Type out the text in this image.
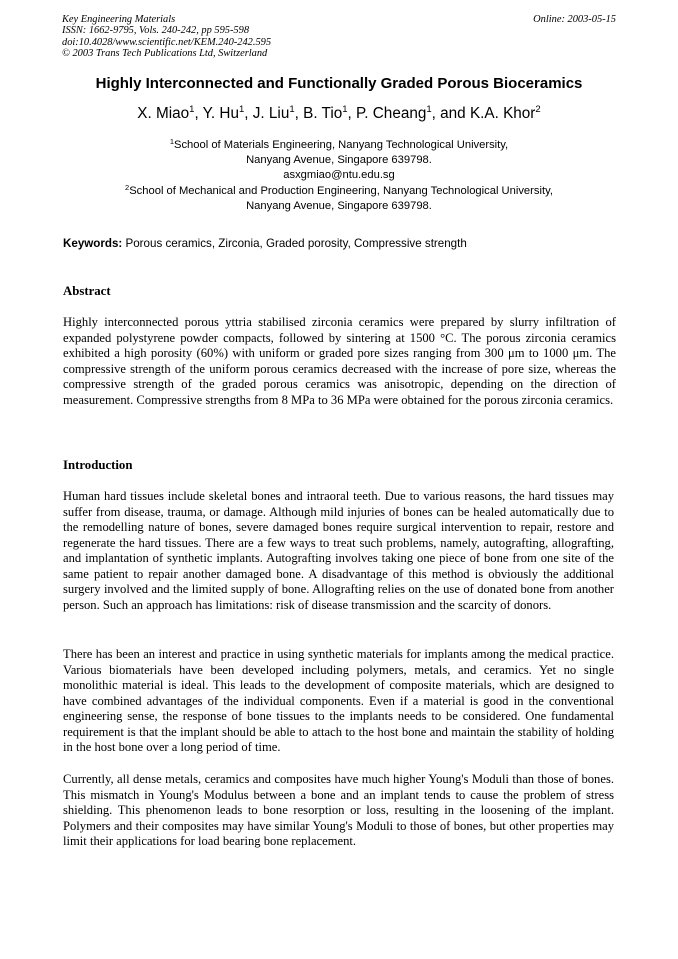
Key Engineering Materials
ISSN: 1662-9795, Vols. 240-242, pp 595-598
doi:10.4028/www.scientific.net/KEM.240-242.595
© 2003 Trans Tech Publications Ltd, Switzerland
Online: 2003-05-15
Highly Interconnected and Functionally Graded Porous Bioceramics
X. Miao$^1$, Y. Hu$^1$, J. Liu$^1$, B. Tio$^1$, P. Cheang$^1$, and K.A. Khor$^2$
$^1$School of Materials Engineering, Nanyang Technological University,
Nanyang Avenue, Singapore 639798.
asxgmiao@ntu.edu.sg
$^2$School of Mechanical and Production Engineering, Nanyang Technological University,
Nanyang Avenue, Singapore 639798.
Keywords: Porous ceramics, Zirconia, Graded porosity, Compressive strength
Abstract
Highly interconnected porous yttria stabilised zirconia ceramics were prepared by slurry infiltration of expanded polystyrene powder compacts, followed by sintering at 1500 °C. The porous zirconia ceramics exhibited a high porosity (60%) with uniform or graded pore sizes ranging from 300 μm to 1000 μm. The compressive strength of the uniform porous ceramics decreased with the increase of pore size, whereas the compressive strength of the graded porous ceramics was anisotropic, depending on the direction of measurement. Compressive strengths from 8 MPa to 36 MPa were obtained for the porous zirconia ceramics.
Introduction
Human hard tissues include skeletal bones and intraoral teeth. Due to various reasons, the hard tissues may suffer from disease, trauma, or damage. Although mild injuries of bones can be healed automatically due to the remodelling nature of bones, severe damaged bones require surgical intervention to repair, restore and regenerate the hard tissues. There are a few ways to treat such problems, namely, autografting, allografting, and implantation of synthetic implants. Autografting involves taking one piece of bone from one site of the same patient to repair another damaged bone. A disadvantage of this method is obviously the additional surgery involved and the limited supply of bone. Allografting relies on the use of donated bone from another person. Such an approach has limitations: risk of disease transmission and the scarcity of donors.
There has been an interest and practice in using synthetic materials for implants among the medical practice. Various biomaterials have been developed including polymers, metals, and ceramics. Yet no single monolithic material is ideal. This leads to the development of composite materials, which are designed to have combined advantages of the individual components. Even if a material is good in the conventional engineering sense, the response of bone tissues to the implants needs to be considered. One fundamental requirement is that the implant should be able to attach to the host bone and maintain the stability of holding in the host bone over a long period of time.
Currently, all dense metals, ceramics and composites have much higher Young's Moduli than those of bones. This mismatch in Young's Modulus between a bone and an implant tends to cause the problem of stress shielding. This phenomenon leads to bone resorption or loss, resulting in the loosening of the implant. Polymers and their composites may have similar Young's Moduli to those of bones, but other properties may limit their applications for load bearing bone replacement.
